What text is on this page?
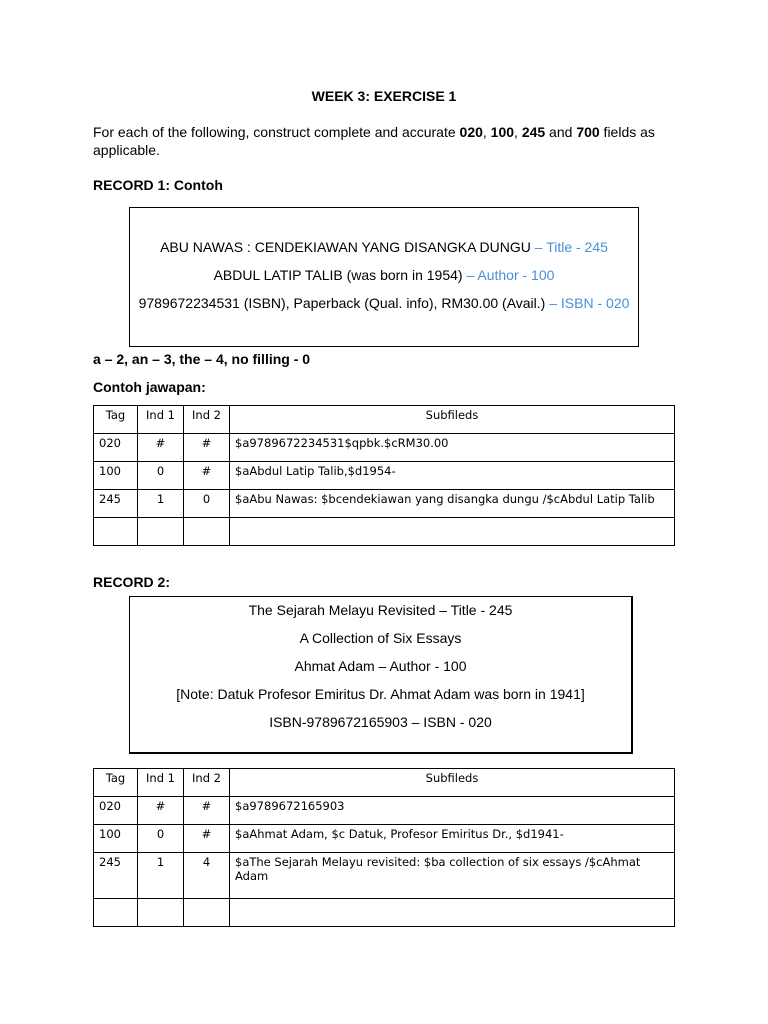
WEEK 3: EXERCISE 1
For each of the following, construct complete and accurate 020, 100, 245 and 700 fields as applicable.
RECORD 1: Contoh
ABU NAWAS : CENDEKIAWAN YANG DISANGKA DUNGU – Title - 245
ABDUL LATIP TALIB (was born in 1954) – Author - 100
9789672234531 (ISBN), Paperback (Qual. info), RM30.00 (Avail.) – ISBN - 020
a – 2, an – 3, the – 4, no filling - 0
Contoh jawapan:
Tag	Ind 1	Ind 2	Subfileds
020	#	#	$a9789672234531$qpbk.$cRM30.00
100	0	#	$aAbdul Latip Talib,$d1954-
245	1	0	$aAbu Nawas: $bcendekiawan yang disangka dungu /$cAbdul Latip Talib

RECORD 2:
The Sejarah Melayu Revisited – Title - 245
A Collection of Six Essays
Ahmat Adam – Author - 100
[Note: Datuk Profesor Emiritus Dr. Ahmat Adam was born in 1941]
ISBN-9789672165903 – ISBN - 020
Tag	Ind 1	Ind 2	Subfileds
020	#	#	$a9789672165903
100	0	#	$aAhmat Adam, $c Datuk, Profesor Emiritus Dr., $d1941-
245	1	4	$aThe Sejarah Melayu revisited: $ba collection of six essays /$cAhmat Adam
